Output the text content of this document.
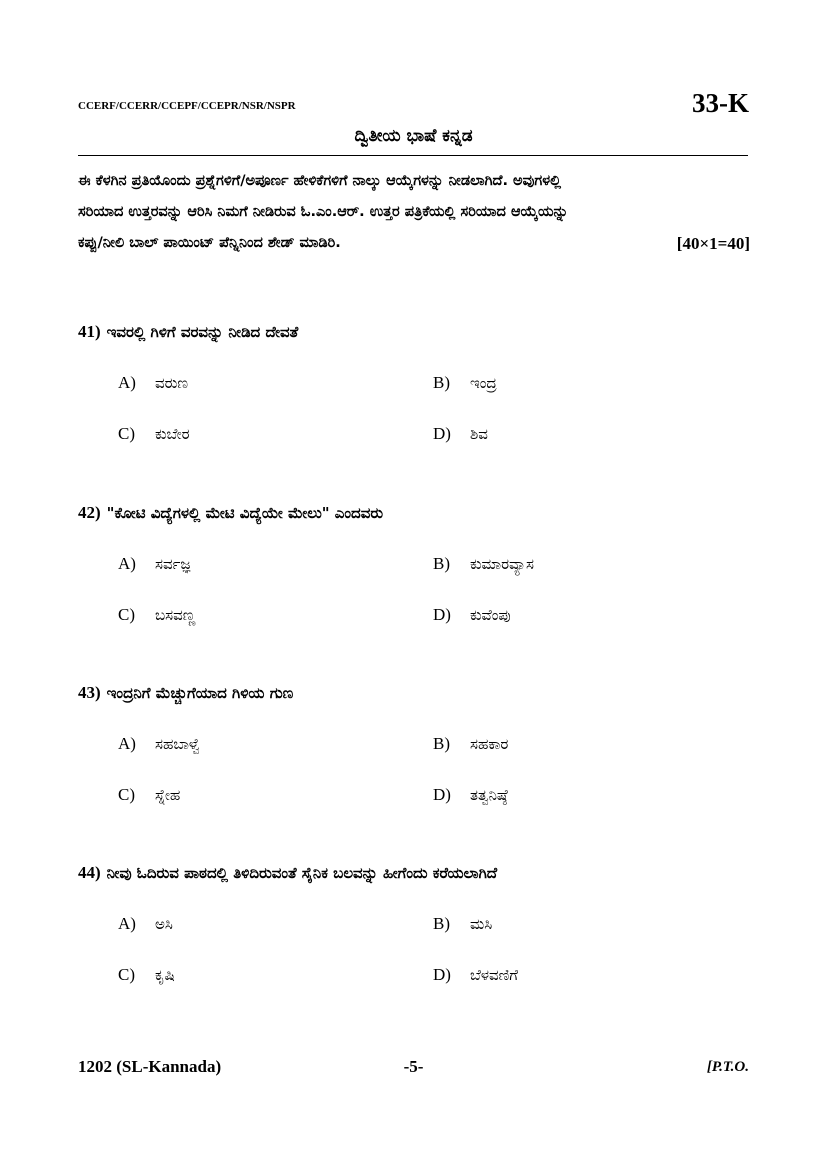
CCERF/CCERR/CCEPF/CCEPR/NSR/NSPR	33-K
ದ್ವಿತೀಯ ಭಾಷೆ ಕನ್ನಡ
ಈ ಕೆಳಗಿನ ಪ್ರತಿಯೊಂದು ಪ್ರಶ್ನೆಗಳಿಗೆ/ಅಪೂರ್ಣ ಹೇಳಿಕೆಗಳಿಗೆ ನಾಲ್ಕು ಆಯ್ಕೆಗಳನ್ನು ನೀಡಲಾಗಿದೆ. ಅವುಗಳಲ್ಲಿ
ಸರಿಯಾದ ಉತ್ತರವನ್ನು ಆರಿಸಿ ನಿಮಗೆ ನೀಡಿರುವ ಓ.ಎಂ.ಆರ್. ಉತ್ತರ ಪತ್ರಿಕೆಯಲ್ಲಿ ಸರಿಯಾದ ಆಯ್ಕೆಯನ್ನು
ಕಪ್ಪು/ನೀಲಿ ಬಾಲ್ ಪಾಯಿಂಟ್ ಪೆನ್ನಿನಿಂದ ಶೇಡ್ ಮಾಡಿರಿ.	[40×1=40]
41) ಇವರಲ್ಲಿ ಗಿಳಿಗೆ ವರವನ್ನು ನೀಡಿದ ದೇವತೆ
A) ವರುಣ	B) ಇಂದ್ರ
C) ಕುಬೇರ	D) ಶಿವ
42) "ಕೋಟಿ ವಿದ್ಯೆಗಳಲ್ಲಿ ಮೇಟಿ ವಿದ್ಯೆಯೇ ಮೇಲು" ಎಂದವರು
A) ಸರ್ವಜ್ಞ	B) ಕುಮಾರವ್ಯಾಸ
C) ಬಸವಣ್ಣ	D) ಕುವೆಂಪು
43) ಇಂದ್ರನಿಗೆ ಮೆಚ್ಚುಗೆಯಾದ ಗಿಳಿಯ ಗುಣ
A) ಸಹಬಾಳ್ವೆ	B) ಸಹಕಾರ
C) ಸ್ನೇಹ	D) ತತ್ವನಿಷ್ಠೆ
44) ನೀವು ಓದಿರುವ ಪಾಠದಲ್ಲಿ ತಿಳಿದಿರುವಂತೆ ಸೈನಿಕ ಬಲವನ್ನು ಹೀಗೆಂದು ಕರೆಯಲಾಗಿದೆ
A) ಅಸಿ	B) ಮಸಿ
C) ಕೃಷಿ	D) ಬೆಳವಣಿಗೆ
1202 (SL-Kannada)	-5-	[P.T.O.
